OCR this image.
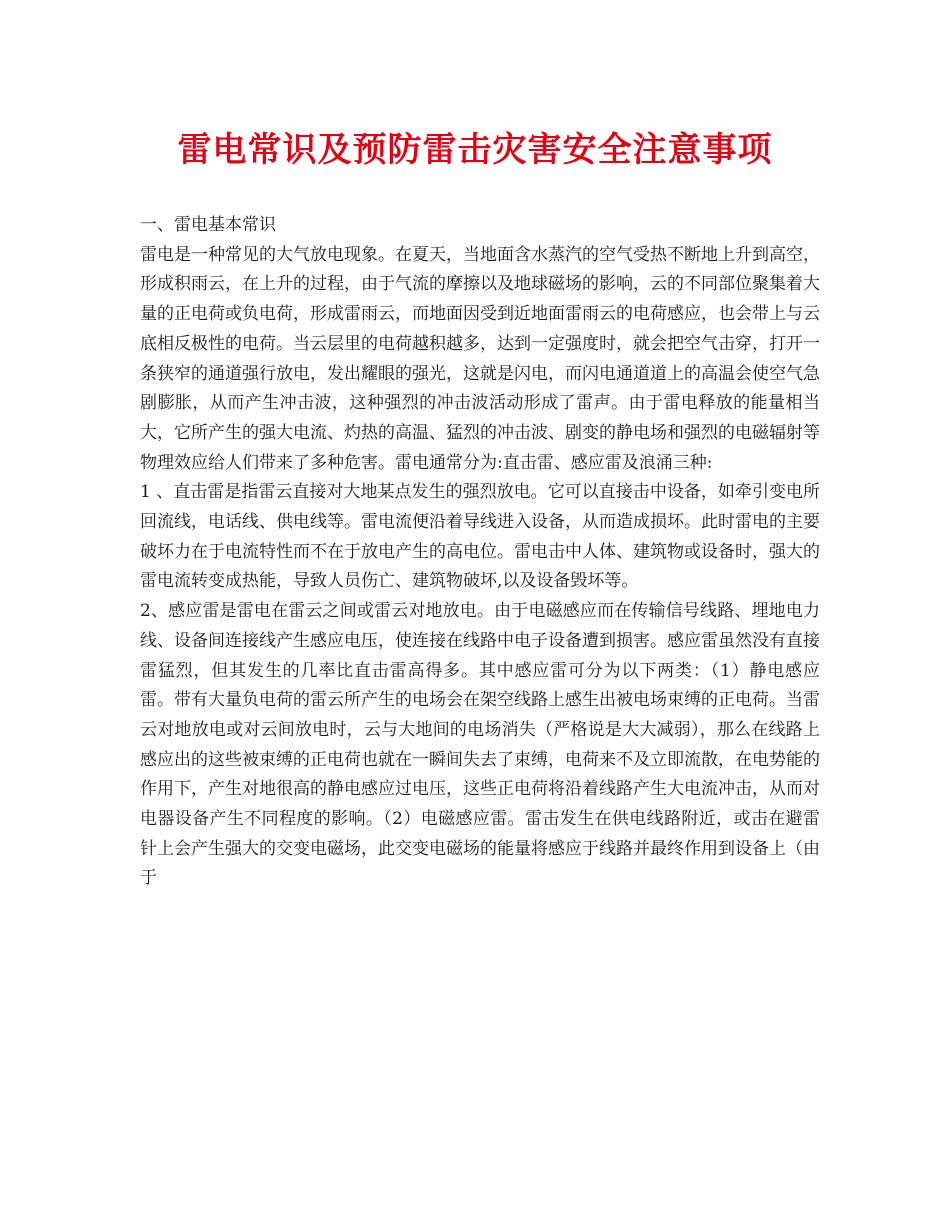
雷电常识及预防雷击灾害安全注意事项

一、雷电基本常识

雷电是一种常见的大气放电现象。在夏天，当地面含水蒸汽的空气受热不断地上升到高空，形成积雨云，在上升的过程，由于气流的摩擦以及地球磁场的影响，云的不同部位聚集着大量的正电荷或负电荷，形成雷雨云，而地面因受到近地面雷雨云的电荷感应，也会带上与云底相反极性的电荷。当云层里的电荷越积越多，达到一定强度时，就会把空气击穿，打开一条狭窄的通道强行放电，发出耀眼的强光，这就是闪电，而闪电通道道上的高温会使空气急剧膨胀，从而产生冲击波，这种强烈的冲击波活动形成了雷声。由于雷电释放的能量相当大，它所产生的强大电流、灼热的高温、猛烈的冲击波、剧变的静电场和强烈的电磁辐射等物理效应给人们带来了多种危害。雷电通常分为:直击雷、感应雷及浪涌三种:

1 、直击雷是指雷云直接对大地某点发生的强烈放电。它可以直接击中设备，如牵引变电所回流线，电话线、供电线等。雷电流便沿着导线进入设备，从而造成损坏。此时雷电的主要破坏力在于电流特性而不在于放电产生的高电位。雷电击中人体、建筑物或设备时，强大的雷电流转变成热能，导致人员伤亡、建筑物破坏,以及设备毁坏等。

2、感应雷是雷电在雷云之间或雷云对地放电。由于电磁感应而在传输信号线路、埋地电力线、设备间连接线产生感应电压，使连接在线路中电子设备遭到损害。感应雷虽然没有直接雷猛烈，但其发生的几率比直击雷高得多。其中感应雷可分为以下两类：（1）静电感应雷。带有大量负电荷的雷云所产生的电场会在架空线路上感生出被电场束缚的正电荷。当雷云对地放电或对云间放电时，云与大地间的电场消失（严格说是大大减弱），那么在线路上感应出的这些被束缚的正电荷也就在一瞬间失去了束缚，电荷来不及立即流散，在电势能的作用下，产生对地很高的静电感应过电压，这些正电荷将沿着线路产生大电流冲击，从而对电器设备产生不同程度的影响。（2）电磁感应雷。雷击发生在供电线路附近，或击在避雷针上会产生强大的交变电磁场，此交变电磁场的能量将感应于线路并最终作用到设备上（由于
